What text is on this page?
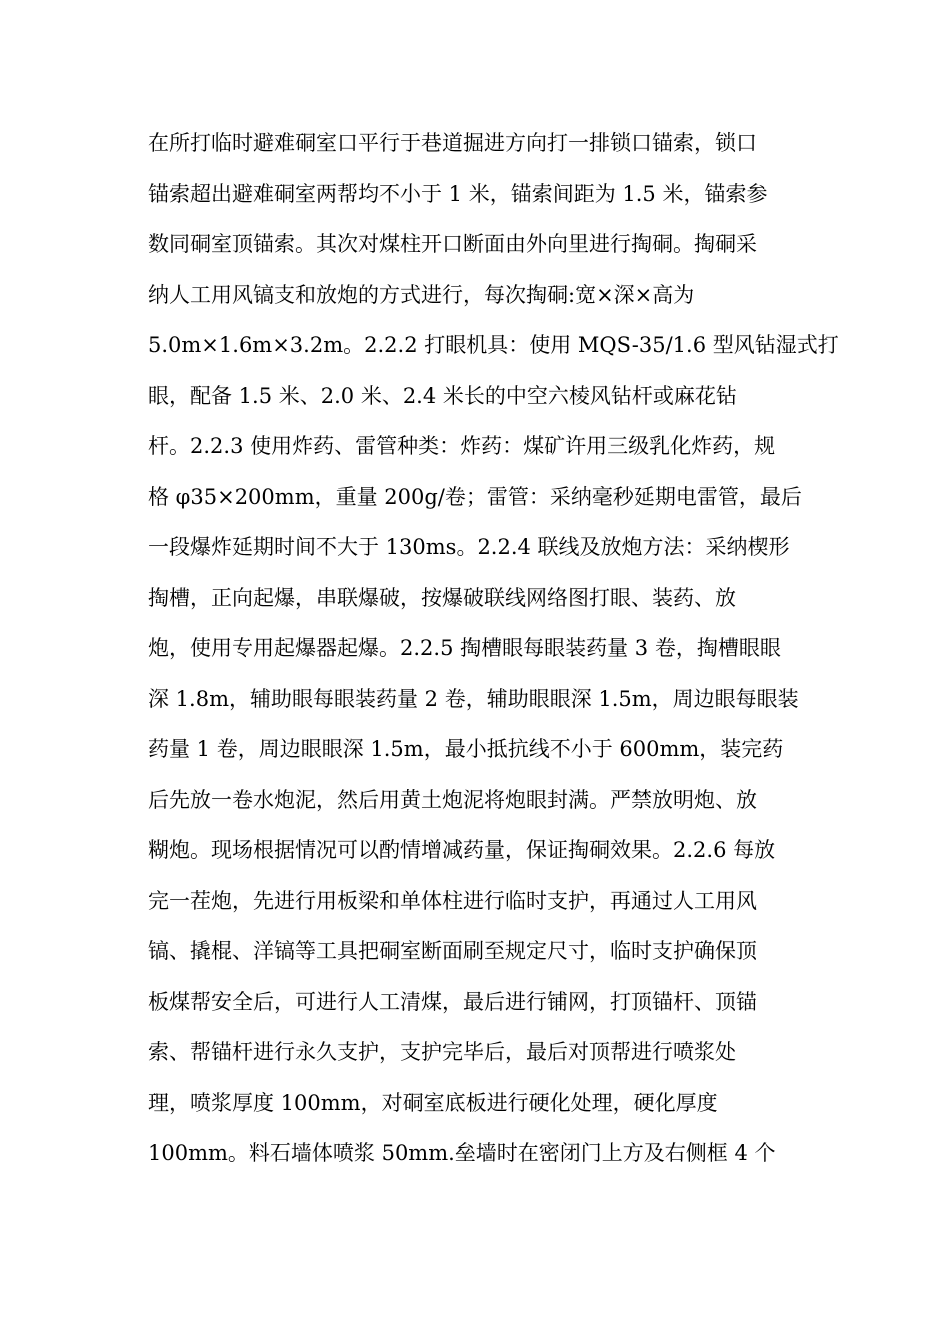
在所打临时避难硐室口平行于巷道掘进方向打一排锁口锚索，锁口
锚索超出避难硐室两帮均不小于 1 米，锚索间距为 1.5 米，锚索参
数同硐室顶锚索。其次对煤柱开口断面由外向里进行掏硐。掏硐采
纳人工用风镐支和放炮的方式进行，每次掏硐:宽×深×高为
5.0m×1.6m×3.2m。2.2.2 打眼机具：使用 MQS-35/1.6 型风钻湿式打
眼，配备 1.5 米、2.0 米、2.4 米长的中空六棱风钻杆或麻花钻
杆。2.2.3 使用炸药、雷管种类：炸药：煤矿许用三级乳化炸药，规
格 φ35×200mm，重量 200g/卷；雷管：采纳毫秒延期电雷管，最后
一段爆炸延期时间不大于 130ms。2.2.4 联线及放炮方法：采纳楔形
掏槽，正向起爆，串联爆破，按爆破联线网络图打眼、装药、放
炮，使用专用起爆器起爆。2.2.5 掏槽眼每眼装药量 3 卷，掏槽眼眼
深 1.8m，辅助眼每眼装药量 2 卷，辅助眼眼深 1.5m，周边眼每眼装
药量 1 卷，周边眼眼深 1.5m，最小抵抗线不小于 600mm，装完药
后先放一卷水炮泥，然后用黄土炮泥将炮眼封满。严禁放明炮、放
糊炮。现场根据情况可以酌情增减药量，保证掏硐效果。2.2.6 每放
完一茬炮，先进行用板梁和单体柱进行临时支护，再通过人工用风
镐、撬棍、洋镐等工具把硐室断面刷至规定尺寸，临时支护确保顶
板煤帮安全后，可进行人工清煤，最后进行铺网，打顶锚杆、顶锚
索、帮锚杆进行永久支护，支护完毕后，最后对顶帮进行喷浆处
理，喷浆厚度 100mm，对硐室底板进行硬化处理，硬化厚度
100mm。料石墙体喷浆 50mm.垒墙时在密闭门上方及右侧框 4 个
